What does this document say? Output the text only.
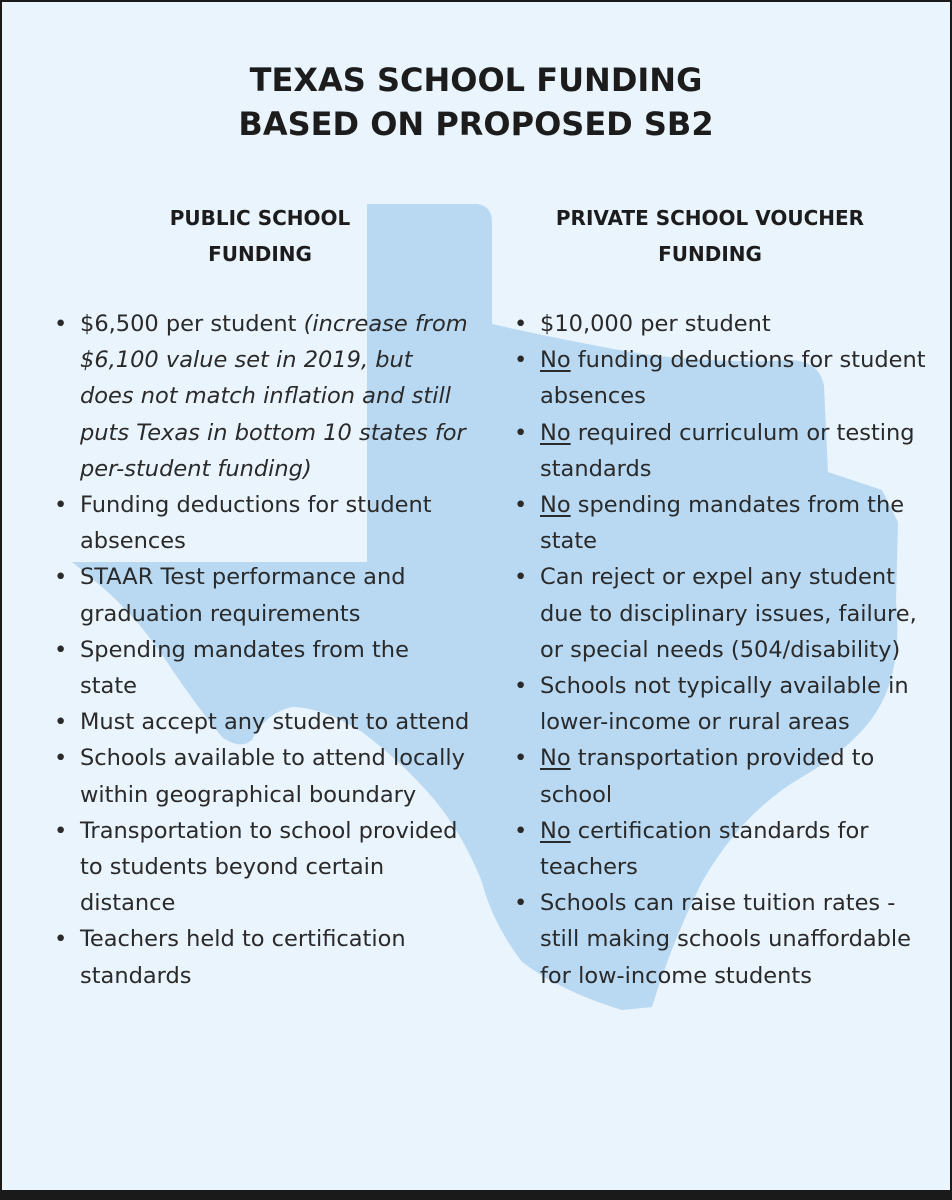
TEXAS SCHOOL FUNDING
BASED ON PROPOSED SB2
PUBLIC SCHOOL
FUNDING
PRIVATE SCHOOL VOUCHER
FUNDING
• $6,500 per student (increase from $6,100 value set in 2019, but does not match inflation and still puts Texas in bottom 10 states for per-student funding)
• Funding deductions for student absences
• STAAR Test performance and graduation requirements
• Spending mandates from the state
• Must accept any student to attend
• Schools available to attend locally within geographical boundary
• Transportation to school provided to students beyond certain distance
• Teachers held to certification standards
• $10,000 per student
• No funding deductions for student absences
• No required curriculum or testing standards
• No spending mandates from the state
• Can reject or expel any student due to disciplinary issues, failure, or special needs (504/disability)
• Schools not typically available in lower-income or rural areas
• No transportation provided to school
• No certification standards for teachers
• Schools can raise tuition rates - still making schools unaffordable for low-income students
